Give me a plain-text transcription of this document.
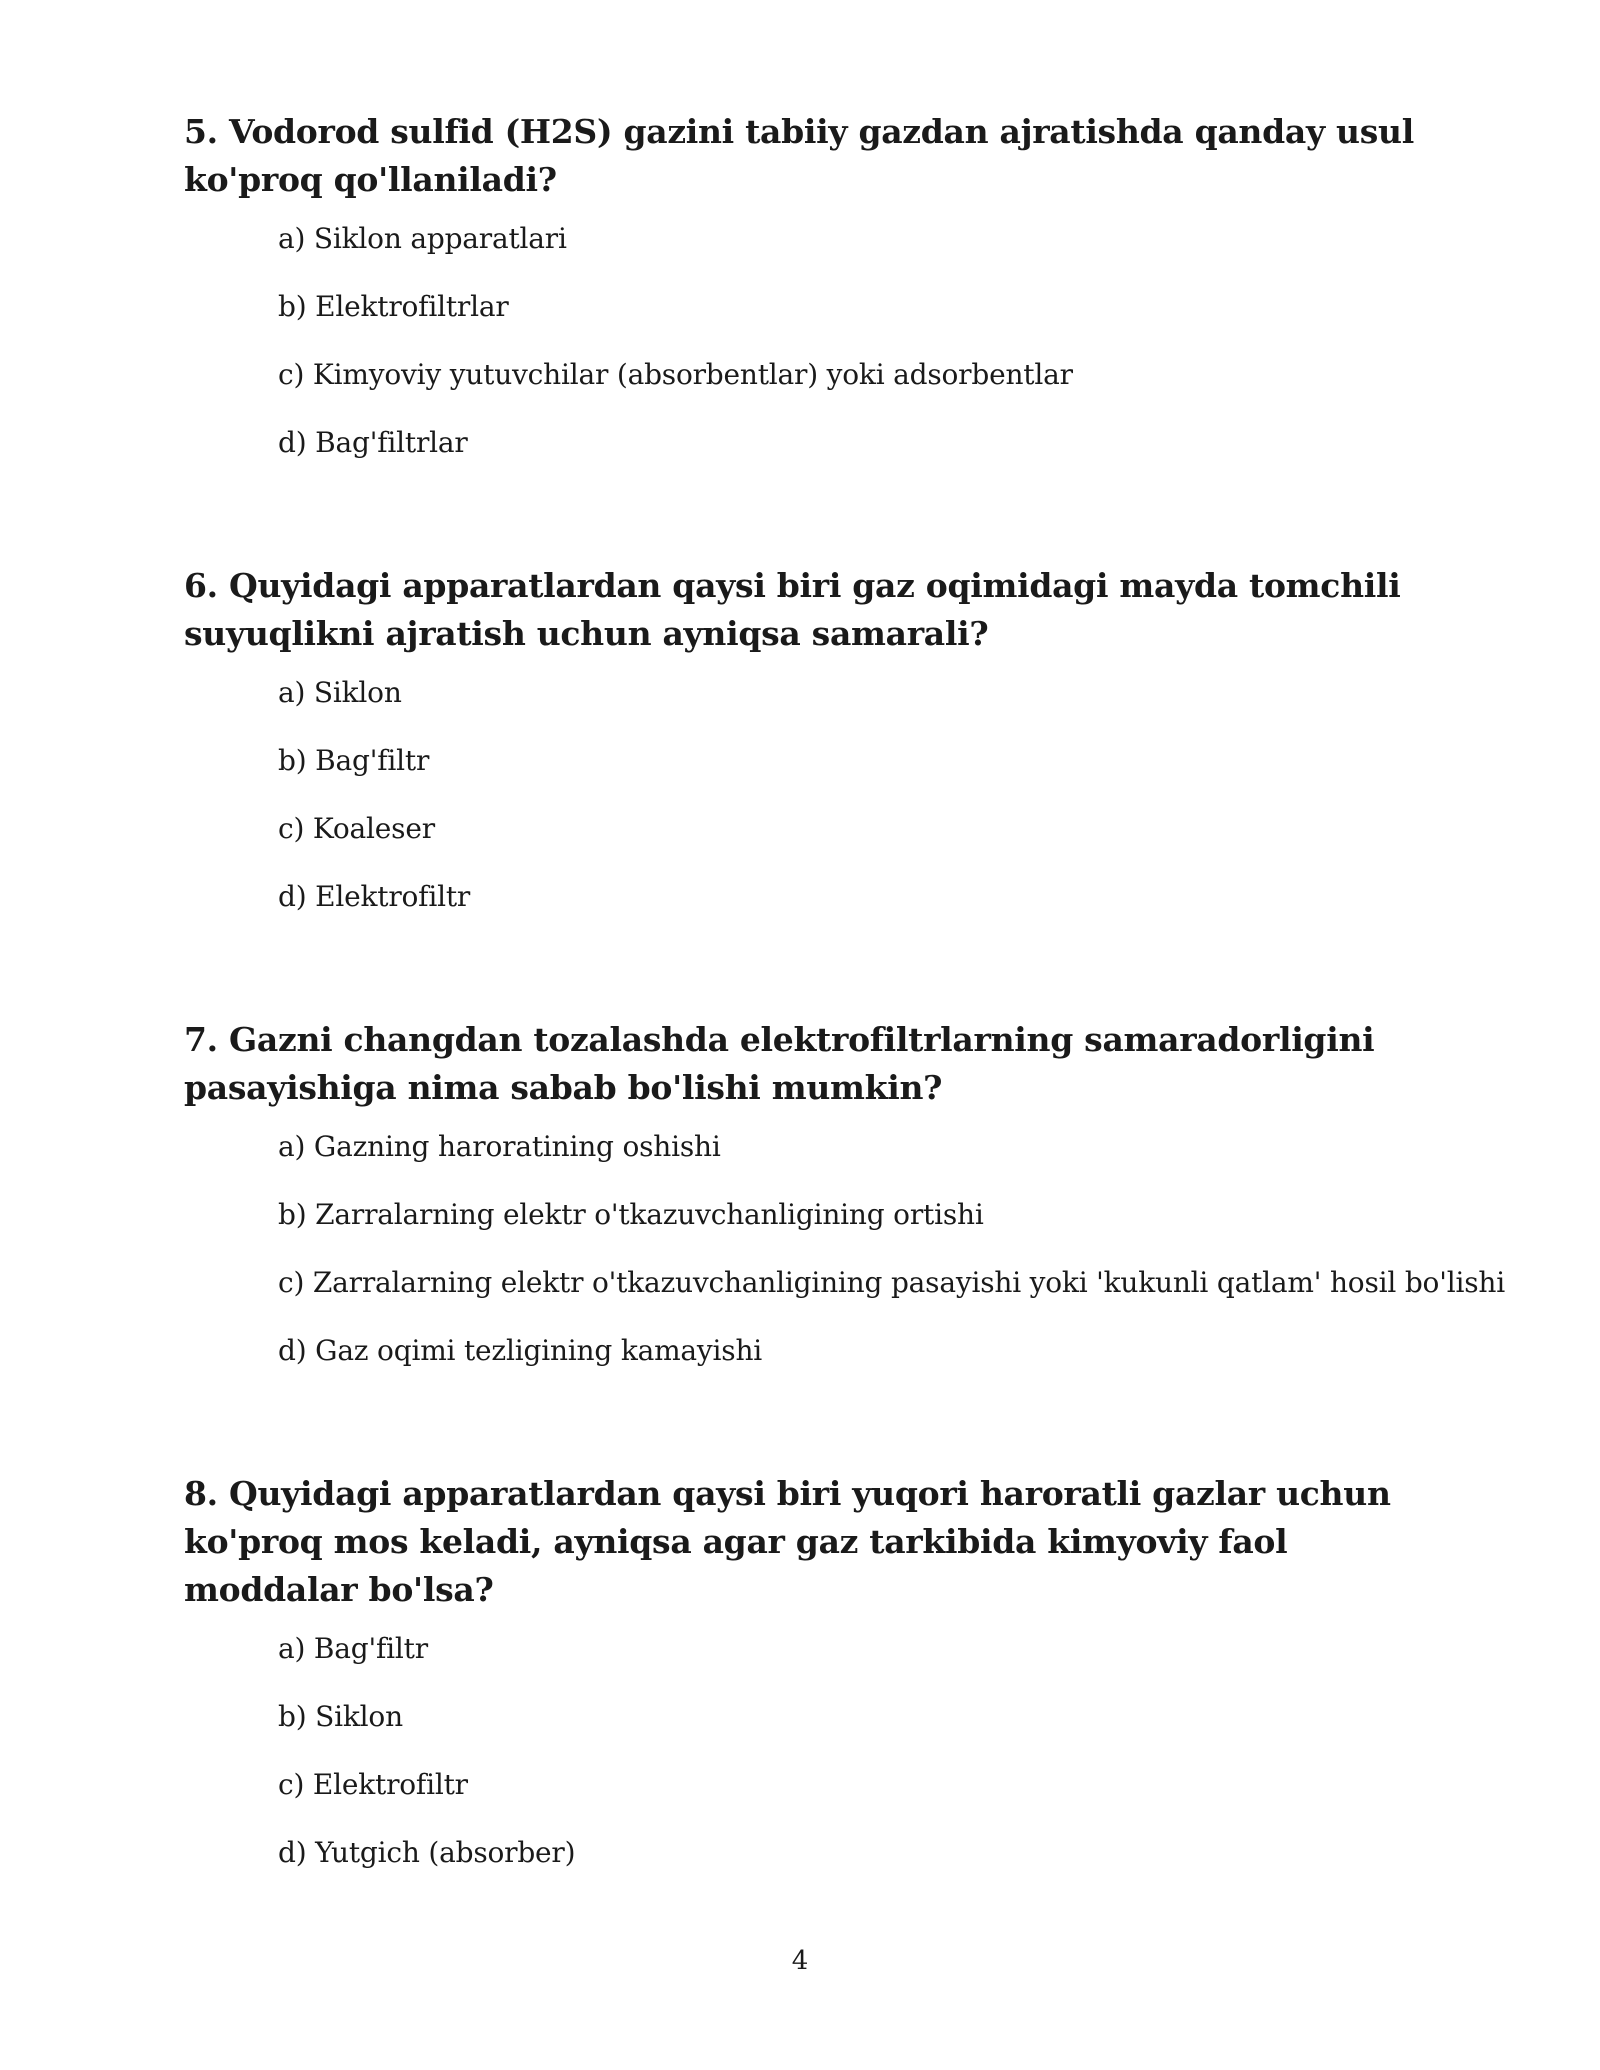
5. Vodorod sulfid (H2S) gazini tabiiy gazdan ajratishda qanday usul ko'proq qo'llaniladi?
a) Siklon apparatlari
b) Elektrofiltrlar
c) Kimyoviy yutuvchilar (absorbentlar) yoki adsorbentlar
d) Bag'filtrlar
6. Quyidagi apparatlardan qaysi biri gaz oqimidagi mayda tomchili suyuqlikni ajratish uchun ayniqsa samarali?
a) Siklon
b) Bag'filtr
c) Koaleser
d) Elektrofiltr
7. Gazni changdan tozalashda elektrofiltrlarning samaradorligini pasayishiga nima sabab bo'lishi mumkin?
a) Gazning haroratining oshishi
b) Zarralarning elektr o'tkazuvchanligining ortishi
c) Zarralarning elektr o'tkazuvchanligining pasayishi yoki 'kukunli qatlam' hosil bo'lishi
d) Gaz oqimi tezligining kamayishi
8. Quyidagi apparatlardan qaysi biri yuqori haroratli gazlar uchun ko'proq mos keladi, ayniqsa agar gaz tarkibida kimyoviy faol moddalar bo'lsa?
a) Bag'filtr
b) Siklon
c) Elektrofiltr
d) Yutgich (absorber)
4
